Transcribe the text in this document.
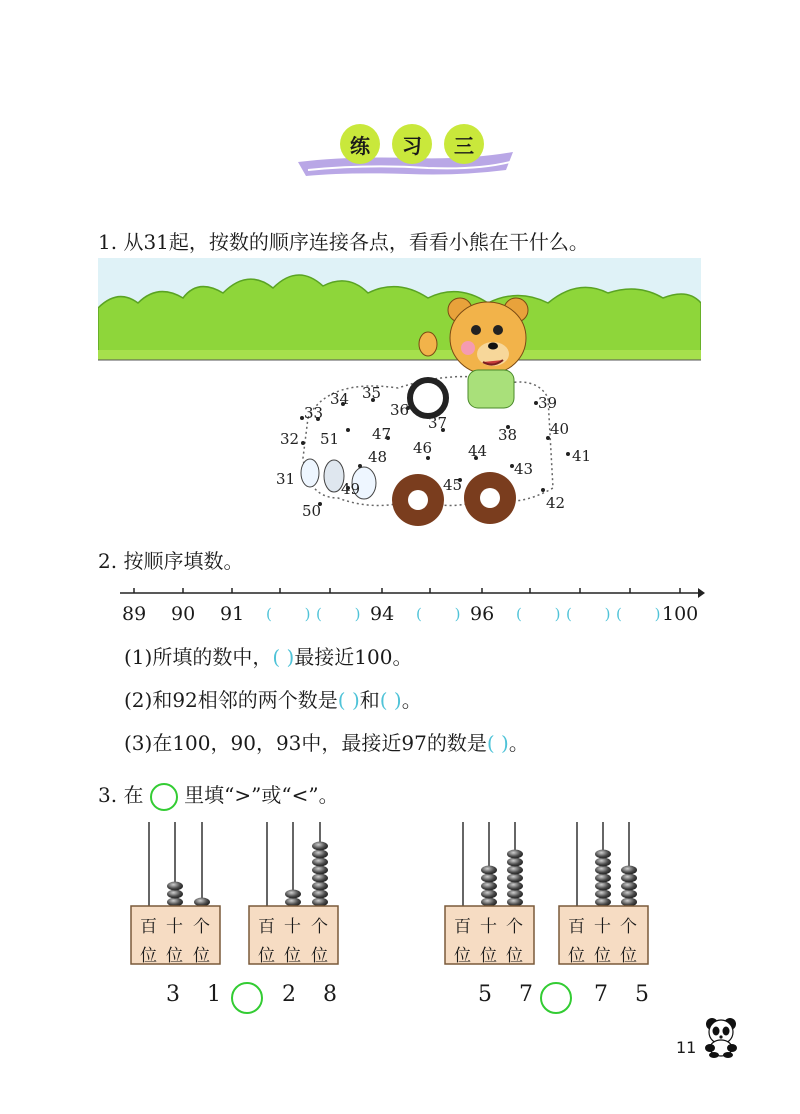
练	习	三
1. 从31起，按数的顺序连接各点，看看小熊在干什么。
31
32
33
34 35
36
37
38
39
40
41
42
43
44
45
46
47
48
49
50
51
2. 按顺序填数。
89 90 91 ( )
( )
94 ( )
96 ( )
( )
( )
100
(1)所填的数中，( )最接近100。
(2)和92相邻的两个数是( )和( )。
(3)在100，90，93中，最接近97的数是( )。
3. 在 里填“>”或“<”。
百 十 个
位 位 位
百 十 个
位 位 位
百 十 个
位 位 位
百 十 个
位 位 位
3 1 2 8	5 7 7 5
11
